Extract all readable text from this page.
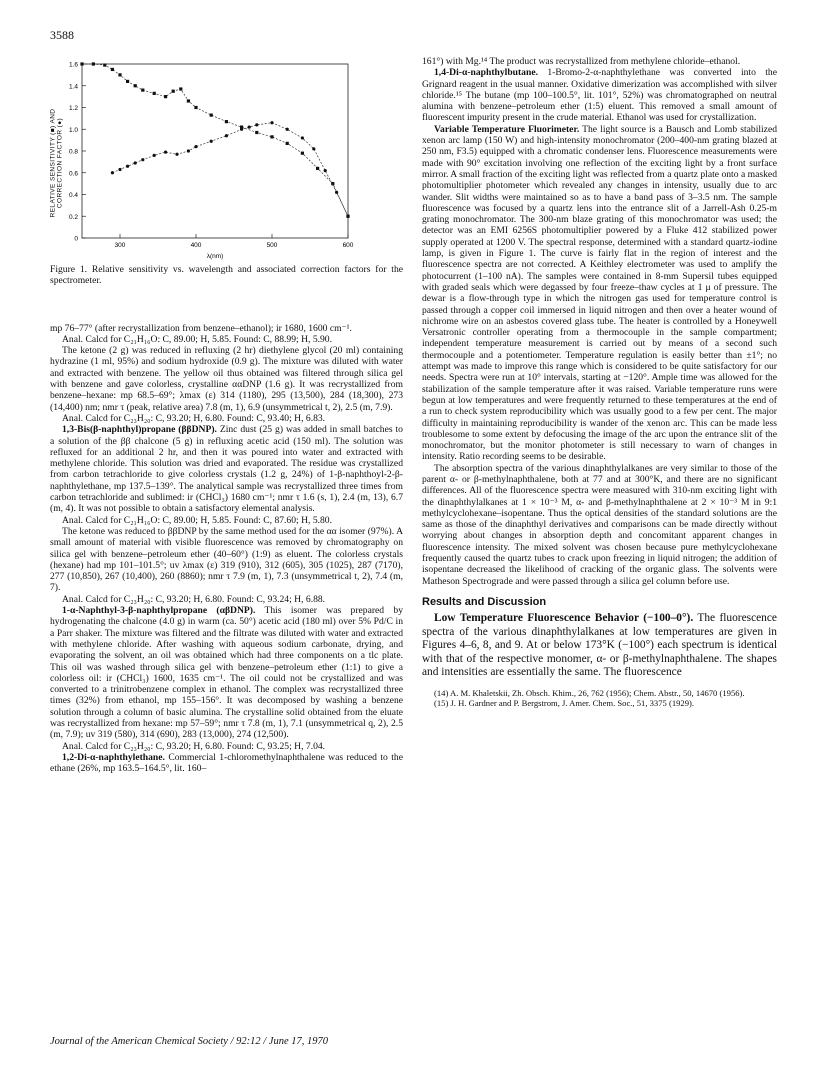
3588
RELATIVE SENSITIVITY (■) AND CORRECTION FACTOR (●)
0
0.2
0.4
0.6
0.8
1.0
1.2
1.4
1.6
300	400	500	600
λ(nm)

Figure 1. Relative sensitivity vs. wavelength and associated correction factors for the spectrometer.

mp 76–77° (after recrystallization from benzene–ethanol); ir 1680, 1600 cm⁻¹.

Anal. Calcd for C₂₁H₁₆O: C, 89.00; H, 5.85. Found: C, 88.99; H, 5.90.

The ketone (2 g) was reduced in refluxing (2 hr) diethylene glycol (20 ml) containing hydrazine (1 ml, 95%) and sodium hydroxide (0.9 g). The mixture was diluted with water and extracted with benzene. The yellow oil thus obtained was filtered through silica gel with benzene and gave colorless, crystalline ααDNP (1.6 g). It was recrystallized from benzene–hexane: mp 68.5–69°; λmax (ε) 314 (1180), 295 (13,500), 284 (18,300), 273 (14,400) nm; nmr τ (peak, relative area) 7.8 (m, 1), 6.9 (unsymmetrical t, 2), 2.5 (m, 7.9).

Anal. Calcd for C₂₃H₂₀: C, 93.20; H, 6.80. Found: C, 93.40; H, 6.83.

1,3-Bis(β-naphthyl)propane (ββDNP). Zinc dust (25 g) was added in small batches to a solution of the ββ chalcone (5 g) in refluxing acetic acid (150 ml). The solution was refluxed for an additional 2 hr, and then it was poured into water and extracted with methylene chloride. This solution was dried and evaporated. The residue was crystallized from carbon tetrachloride to give colorless crystals (1.2 g, 24%) of 1-β-naphthoyl-2-β-naphthylethane, mp 137.5–139°. The analytical sample was recrystallized three times from carbon tetrachloride and sublimed: ir (CHCl₃) 1680 cm⁻¹; nmr τ 1.6 (s, 1), 2.4 (m, 13), 6.7 (m, 4). It was not possible to obtain a satisfactory elemental analysis.

Anal. Calcd for C₂₁H₁₆O: C, 89.00; H, 5.85. Found: C, 87.60; H, 5.80.

The ketone was reduced to ββDNP by the same method used for the αα isomer (97%). A small amount of material with visible fluorescence was removed by chromatography on silica gel with benzene–petroleum ether (40–60°) (1:9) as eluent. The colorless crystals (hexane) had mp 101–101.5°; uv λmax (ε) 319 (910), 312 (605), 305 (1025), 287 (7170), 277 (10,850), 267 (10,400), 260 (8860); nmr τ 7.9 (m, 1), 7.3 (unsymmetrical t, 2), 7.4 (m, 7).

Anal. Calcd for C₂₃H₂₀: C, 93.20; H, 6.80. Found: C, 93.24; H, 6.88.

1-α-Naphthyl-3-β-naphthylpropane (αβDNP). This isomer was prepared by hydrogenating the chalcone (4.0 g) in warm (ca. 50°) acetic acid (180 ml) over 5% Pd/C in a Parr shaker. The mixture was filtered and the filtrate was diluted with water and extracted with methylene chloride. After washing with aqueous sodium carbonate, drying, and evaporating the solvent, an oil was obtained which had three components on a tlc plate. This oil was washed through silica gel with benzene–petroleum ether (1:1) to give a colorless oil: ir (CHCl₃) 1600, 1635 cm⁻¹. The oil could not be crystallized and was converted to a trinitrobenzene complex in ethanol. The complex was recrystallized three times (32%) from ethanol, mp 155–156°. It was decomposed by washing a benzene solution through a column of basic alumina. The crystalline solid obtained from the eluate was recrystallized from hexane: mp 57–59°; nmr τ 7.8 (m, 1), 7.1 (unsymmetrical q, 2), 2.5 (m, 7.9); uv 319 (580), 314 (690), 283 (13,000), 274 (12,500).

Anal. Calcd for C₂₃H₂₀: C, 93.20; H, 6.80. Found: C, 93.25; H, 7.04.

1,2-Di-α-naphthylethane. Commercial 1-chloromethylnaphthalene was reduced to the ethane (26%, mp 163.5–164.5°, lit. 160–

161°) with Mg.¹⁴ The product was recrystallized from methylene chloride–ethanol.

1,4-Di-α-naphthylbutane. 1-Bromo-2-α-naphthylethane was converted into the Grignard reagent in the usual manner. Oxidative dimerization was accomplished with silver chloride.¹⁵ The butane (mp 100–100.5°, lit. 101°, 52%) was chromatographed on neutral alumina with benzene–petroleum ether (1:5) eluent. This removed a small amount of fluorescent impurity present in the crude material. Ethanol was used for crystallization.

Variable Temperature Fluorimeter. The light source is a Bausch and Lomb stabilized xenon arc lamp (150 W) and high-intensity monochromator (200–400-nm grating blazed at 250 nm, F3.5) equipped with a chromatic condenser lens. Fluorescence measurements were made with 90° excitation involving one reflection of the exciting light by a front surface mirror. A small fraction of the exciting light was reflected from a quartz plate onto a masked photomultiplier photometer which revealed any changes in intensity, usually due to arc wander. Slit widths were maintained so as to have a band pass of 3–3.5 nm. The sample fluorescence was focused by a quartz lens into the entrance slit of a Jarrell-Ash 0.25-m grating monochromator. The 300-nm blaze grating of this monochromator was used; the detector was an EMI 6256S photomultiplier powered by a Fluke 412 stabilized power supply operated at 1200 V. The spectral response, determined with a standard quartz-iodine lamp, is given in Figure 1. The curve is fairly flat in the region of interest and the fluorescence spectra are not corrected. A Keithley electrometer was used to amplify the photocurrent (1–100 nA). The samples were contained in 8-mm Supersil tubes equipped with graded seals which were degassed by four freeze–thaw cycles at 1 μ of pressure. The dewar is a flow-through type in which the nitrogen gas used for temperature control is passed through a copper coil immersed in liquid nitrogen and then over a heater wound of nichrome wire on an asbestos covered glass tube. The heater is controlled by a Honeywell Versatronic controller operating from a thermocouple in the sample compartment; independent temperature measurement is carried out by means of a second such thermocouple and a potentiometer. Temperature regulation is easily better than ±1°; no attempt was made to improve this range which is considered to be quite satisfactory for our needs. Spectra were run at 10° intervals, starting at −120°. Ample time was allowed for the stabilization of the sample temperature after it was raised. Variable temperature runs were begun at low temperatures and were frequently returned to these temperatures at the end of a run to check system reproducibility which was usually good to a few per cent. The major difficulty in maintaining reproducibility is wander of the xenon arc. This can be made less troublesome to some extent by defocusing the image of the arc upon the entrance slit of the monochromator, but the monitor photometer is still necessary to warn of changes in intensity. Ratio recording seems to be desirable.

The absorption spectra of the various dinaphthylalkanes are very similar to those of the parent α- or β-methylnaphthalene, both at 77 and at 300°K, and there are no significant differences. All of the fluorescence spectra were measured with 310-nm exciting light with the dinaphthylalkanes at 1 × 10⁻³ M, α- and β-methylnaphthalene at 2 × 10⁻³ M in 9:1 methylcyclohexane–isopentane. Thus the optical densities of the standard solutions are the same as those of the dinaphthyl derivatives and comparisons can be made directly without worrying about changes in absorption depth and concomitant apparent changes in fluorescence intensity. The mixed solvent was chosen because pure methylcyclohexane frequently caused the quartz tubes to crack upon freezing in liquid nitrogen; the addition of isopentane decreased the likelihood of cracking of the organic glass. The solvents were Matheson Spectrograde and were passed through a silica gel column before use.

Results and Discussion

Low Temperature Fluorescence Behavior (−100–0°). The fluorescence spectra of the various dinaphthylalkanes at low temperatures are given in Figures 4–6, 8, and 9. At or below 173°K (−100°) each spectrum is identical with that of the respective monomer, α- or β-methylnaphthalene. The shapes and intensities are essentially the same. The fluorescence

(14) A. M. Khaletskii, Zh. Obsch. Khim., 26, 762 (1956); Chem. Abstr., 50, 14670 (1956).

(15) J. H. Gardner and P. Bergstrom, J. Amer. Chem. Soc., 51, 3375 (1929).

Journal of the American Chemical Society / 92:12 / June 17, 1970
